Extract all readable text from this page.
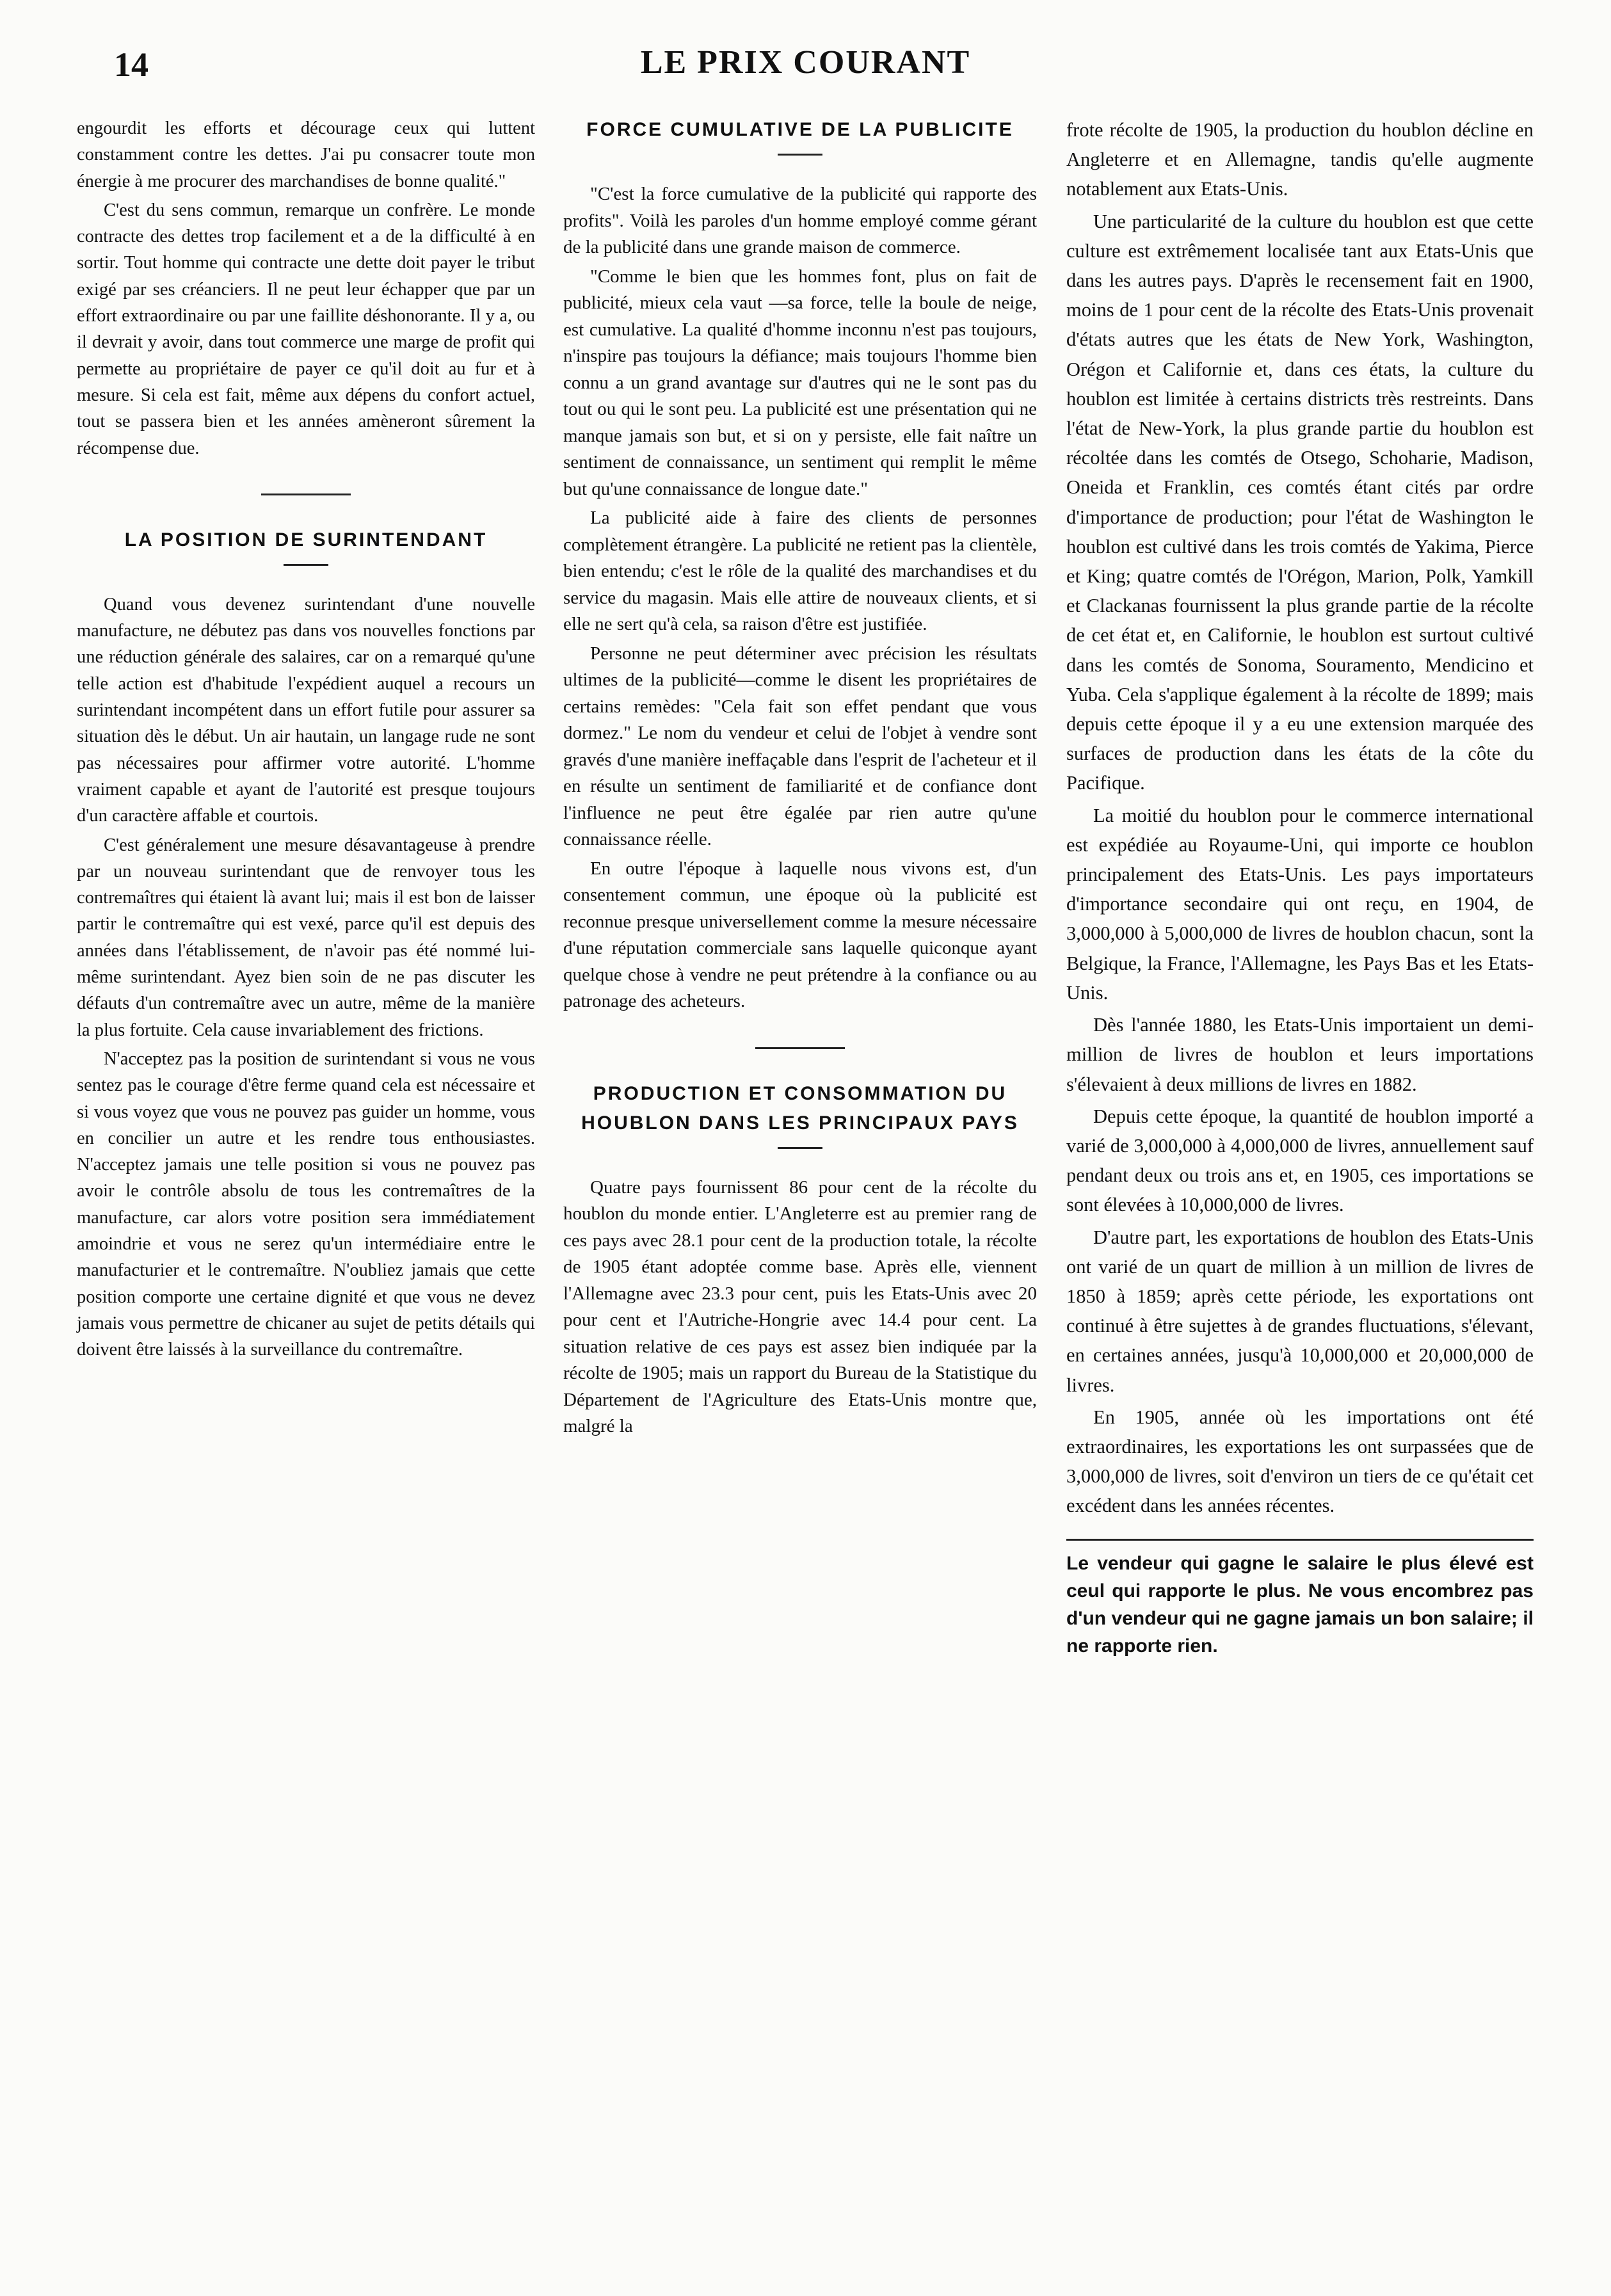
14	LE PRIX COURANT

engourdit les efforts et décourage ceux qui luttent constamment contre les dettes. J'ai pu consacrer toute mon énergie à me procurer des marchandises de bonne qualité."

C'est du sens commun, remarque un confrère. Le monde contracte des dettes trop facilement et a de la difficulté à en sortir. Tout homme qui contracte une dette doit payer le tribut exigé par ses créanciers. Il ne peut leur échapper que par un effort extraordinaire ou par une faillite déshonorante. Il y a, ou il devrait y avoir, dans tout commerce une marge de profit qui permette au propriétaire de payer ce qu'il doit au fur et à mesure. Si cela est fait, même aux dépens du confort actuel, tout se passera bien et les années amèneront sûrement la récompense due.

LA POSITION DE SURINTENDANT

Quand vous devenez surintendant d'une nouvelle manufacture, ne débutez pas dans vos nouvelles fonctions par une réduction générale des salaires, car on a remarqué qu'une telle action est d'habitude l'expédient auquel a recours un surintendant incompétent dans un effort futile pour assurer sa situation dès le début. Un air hautain, un langage rude ne sont pas nécessaires pour affirmer votre autorité. L'homme vraiment capable et ayant de l'autorité est presque toujours d'un caractère affable et courtois.

C'est généralement une mesure désavantageuse à prendre par un nouveau surintendant que de renvoyer tous les contremaîtres qui étaient là avant lui; mais il est bon de laisser partir le contremaître qui est vexé, parce qu'il est depuis des années dans l'établissement, de n'avoir pas été nommé lui-même surintendant. Ayez bien soin de ne pas discuter les défauts d'un contremaître avec un autre, même de la manière la plus fortuite. Cela cause invariablement des frictions.

N'acceptez pas la position de surintendant si vous ne vous sentez pas le courage d'être ferme quand cela est nécessaire et si vous voyez que vous ne pouvez pas guider un homme, vous en concilier un autre et les rendre tous enthousiastes. N'acceptez jamais une telle position si vous ne pouvez pas avoir le contrôle absolu de tous les contremaîtres de la manufacture, car alors votre position sera immédiatement amoindrie et vous ne serez qu'un intermédiaire entre le manufacturier et le contremaître. N'oubliez jamais que cette position comporte une certaine dignité et que vous ne devez jamais vous permettre de chicaner au sujet de petits détails qui doivent être laissés à la surveillance du contremaître.

FORCE CUMULATIVE DE LA PUBLICITE

"C'est la force cumulative de la publicité qui rapporte des profits". Voilà les paroles d'un homme employé comme gérant de la publicité dans une grande maison de commerce.

"Comme le bien que les hommes font, plus on fait de publicité, mieux cela vaut —sa force, telle la boule de neige, est cumulative. La qualité d'homme inconnu n'est pas toujours, n'inspire pas toujours la défiance; mais toujours l'homme bien connu a un grand avantage sur d'autres qui ne le sont pas du tout ou qui le sont peu. La publicité est une présentation qui ne manque jamais son but, et si on y persiste, elle fait naître un sentiment de connaissance, un sentiment qui remplit le même but qu'une connaissance de longue date."

La publicité aide à faire des clients de personnes complètement étrangère. La publicité ne retient pas la clientèle, bien entendu; c'est le rôle de la qualité des marchandises et du service du magasin. Mais elle attire de nouveaux clients, et si elle ne sert qu'à cela, sa raison d'être est justifiée.

Personne ne peut déterminer avec précision les résultats ultimes de la publicité—comme le disent les propriétaires de certains remèdes: "Cela fait son effet pendant que vous dormez." Le nom du vendeur et celui de l'objet à vendre sont gravés d'une manière ineffaçable dans l'esprit de l'acheteur et il en résulte un sentiment de familiarité et de confiance dont l'influence ne peut être égalée par rien autre qu'une connaissance réelle.

En outre l'époque à laquelle nous vivons est, d'un consentement commun, une époque où la publicité est reconnue presque universellement comme la mesure nécessaire d'une réputation commerciale sans laquelle quiconque ayant quelque chose à vendre ne peut prétendre à la confiance ou au patronage des acheteurs.

PRODUCTION ET CONSOMMATION DU HOUBLON DANS LES PRINCIPAUX PAYS

Quatre pays fournissent 86 pour cent de la récolte du houblon du monde entier. L'Angleterre est au premier rang de ces pays avec 28.1 pour cent de la production totale, la récolte de 1905 étant adoptée comme base. Après elle, viennent l'Allemagne avec 23.3 pour cent, puis les Etats-Unis avec 20 pour cent et l'Autriche-Hongrie avec 14.4 pour cent. La situation relative de ces pays est assez bien indiquée par la récolte de 1905; mais un rapport du Bureau de la Statistique du Département de l'Agriculture des Etats-Unis montre que, malgré la

frote récolte de 1905, la production du houblon décline en Angleterre et en Allemagne, tandis qu'elle augmente notablement aux Etats-Unis.

Une particularité de la culture du houblon est que cette culture est extrêmement localisée tant aux Etats-Unis que dans les autres pays. D'après le recensement fait en 1900, moins de 1 pour cent de la récolte des Etats-Unis provenait d'états autres que les états de New York, Washington, Orégon et Californie et, dans ces états, la culture du houblon est limitée à certains districts très restreints. Dans l'état de New-York, la plus grande partie du houblon est récoltée dans les comtés de Otsego, Schoharie, Madison, Oneida et Franklin, ces comtés étant cités par ordre d'importance de production; pour l'état de Washington le houblon est cultivé dans les trois comtés de Yakima, Pierce et King; quatre comtés de l'Orégon, Marion, Polk, Yamkill et Clackanas fournissent la plus grande partie de la récolte de cet état et, en Californie, le houblon est surtout cultivé dans les comtés de Sonoma, Souramento, Mendicino et Yuba. Cela s'applique également à la récolte de 1899; mais depuis cette époque il y a eu une extension marquée des surfaces de production dans les états de la côte du Pacifique.

La moitié du houblon pour le commerce international est expédiée au Royaume-Uni, qui importe ce houblon principalement des Etats-Unis. Les pays importateurs d'importance secondaire qui ont reçu, en 1904, de 3,000,000 à 5,000,000 de livres de houblon chacun, sont la Belgique, la France, l'Allemagne, les Pays Bas et les Etats-Unis.

Dès l'année 1880, les Etats-Unis importaient un demi-million de livres de houblon et leurs importations s'élevaient à deux millions de livres en 1882.

Depuis cette époque, la quantité de houblon importé a varié de 3,000,000 à 4,000,000 de livres, annuellement sauf pendant deux ou trois ans et, en 1905, ces importations se sont élevées à 10,000,000 de livres.

D'autre part, les exportations de houblon des Etats-Unis ont varié de un quart de million à un million de livres de 1850 à 1859; après cette période, les exportations ont continué à être sujettes à de grandes fluctuations, s'élevant, en certaines années, jusqu'à 10,000,000 et 20,000,000 de livres.

En 1905, année où les importations ont été extraordinaires, les exportations les ont surpassées que de 3,000,000 de livres, soit d'environ un tiers de ce qu'était cet excédent dans les années récentes.

Le vendeur qui gagne le salaire le plus élevé est ceul qui rapporte le plus. Ne vous encombrez pas d'un vendeur qui ne gagne jamais un bon salaire; il ne rapporte rien.
